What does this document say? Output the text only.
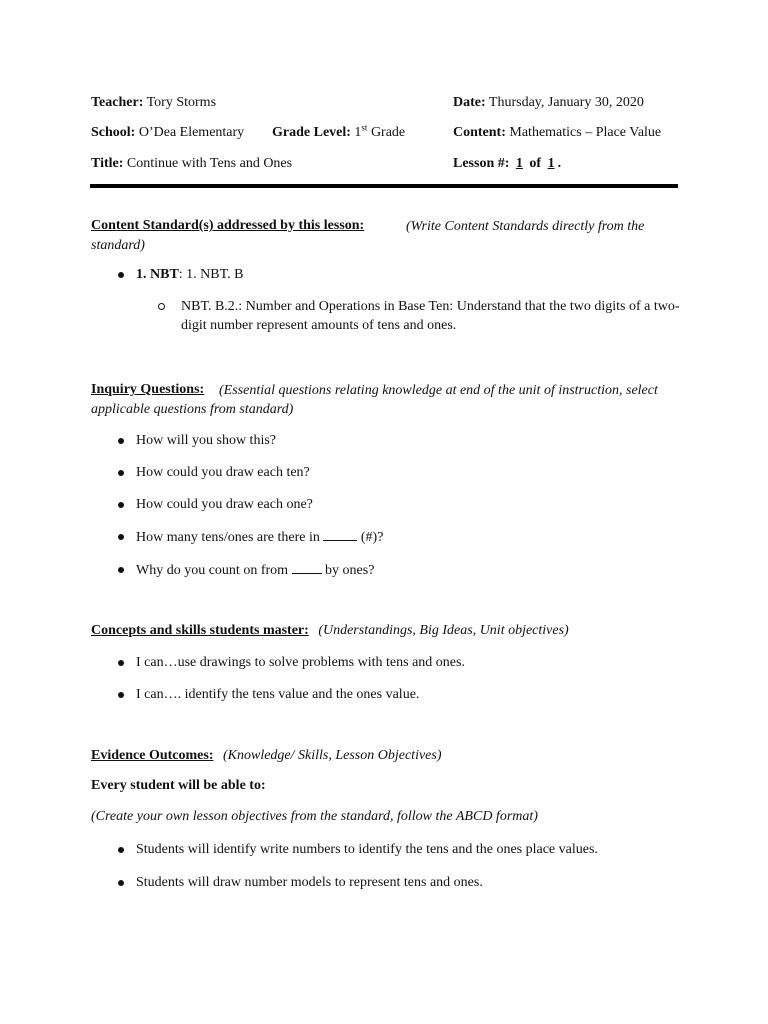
Teacher: Tory Storms	Date: Thursday, January 30, 2020
School: O’Dea Elementary Grade Level: 1st Grade	Content: Mathematics – Place Value
Title: Continue with Tens and Ones	Lesson #: 1 of 1 .
Content Standard(s) addressed by this lesson:	(Write Content Standards directly from the standard)
1. NBT: 1. NBT. B
NBT. B.2.: Number and Operations in Base Ten: Understand that the two digits of a two-digit number represent amounts of tens and ones.
Inquiry Questions:	(Essential questions relating knowledge at end of the unit of instruction, select applicable questions from standard)
How will you show this?
How could you draw each ten?
How could you draw each one?
How many tens/ones are there in	(#)?
Why do you count on from	by ones?
Concepts and skills students master: (Understandings, Big Ideas, Unit objectives)
I can…use drawings to solve problems with tens and ones.
I can…. identify the tens value and the ones value.
Evidence Outcomes: (Knowledge/ Skills, Lesson Objectives)
Every student will be able to:
(Create your own lesson objectives from the standard, follow the ABCD format)
Students will identify write numbers to identify the tens and the ones place values.
Students will draw number models to represent tens and ones.
